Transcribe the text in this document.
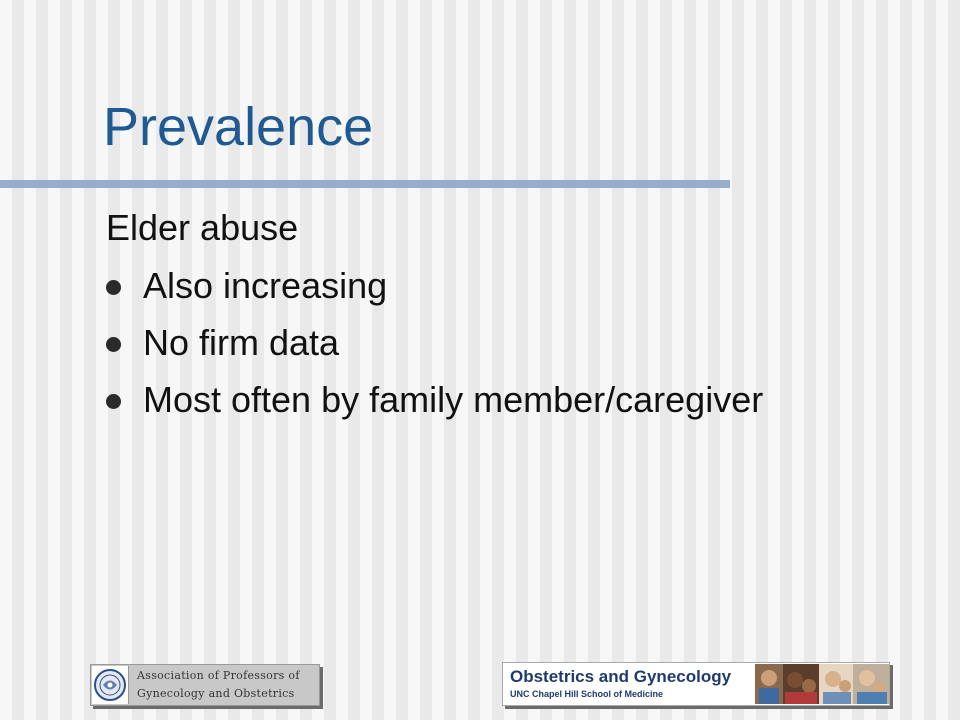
Prevalence

Elder abuse

Also increasing
No firm data
Most often by family member/caregiver
Association of Professors of
Gynecology and Obstetrics
Obstetrics and Gynecology
UNC Chapel Hill School of Medicine
